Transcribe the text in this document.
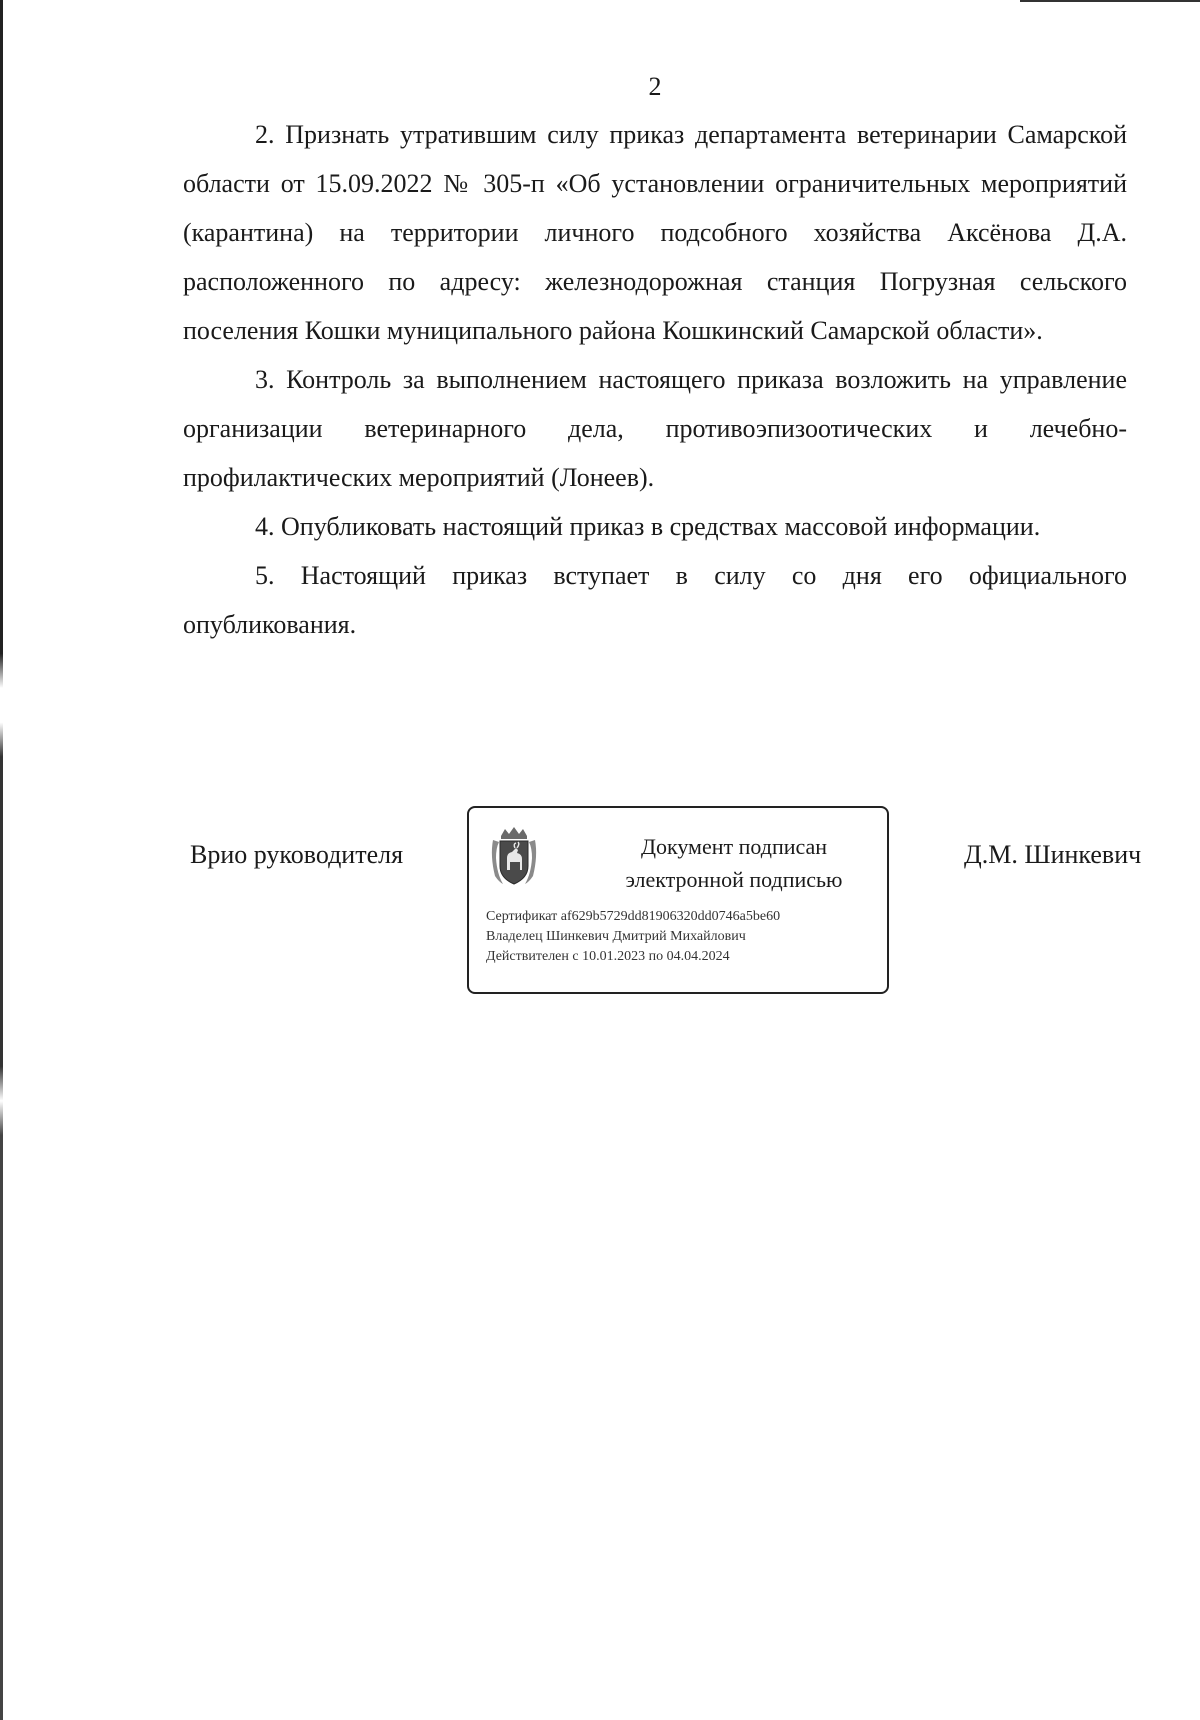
2

2. Признать утратившим силу приказ департамента ветеринарии Самарской области от 15.09.2022 № 305-п «Об установлении ограничительных мероприятий (карантина) на территории личного подсобного хозяйства Аксёнова Д.А. расположенного по адресу: железнодорожная станция Погрузная сельского поселения Кошки муниципального района Кошкинский Самарской области».

3. Контроль за выполнением настоящего приказа возложить на управление организации ветеринарного дела, противоэпизоотических и лечебно-профилактических мероприятий (Лонеев).

4. Опубликовать настоящий приказ в средствах массовой информации.

5. Настоящий приказ вступает в силу со дня его официального опубликования.

Врио руководителя	Документ подписан
электронной подписью
Сертификат af629b5729dd81906320dd0746a5be60
Владелец Шинкевич Дмитрий Михайлович
Действителен с 10.01.2023 по 04.04.2024
Д.М. Шинкевич
